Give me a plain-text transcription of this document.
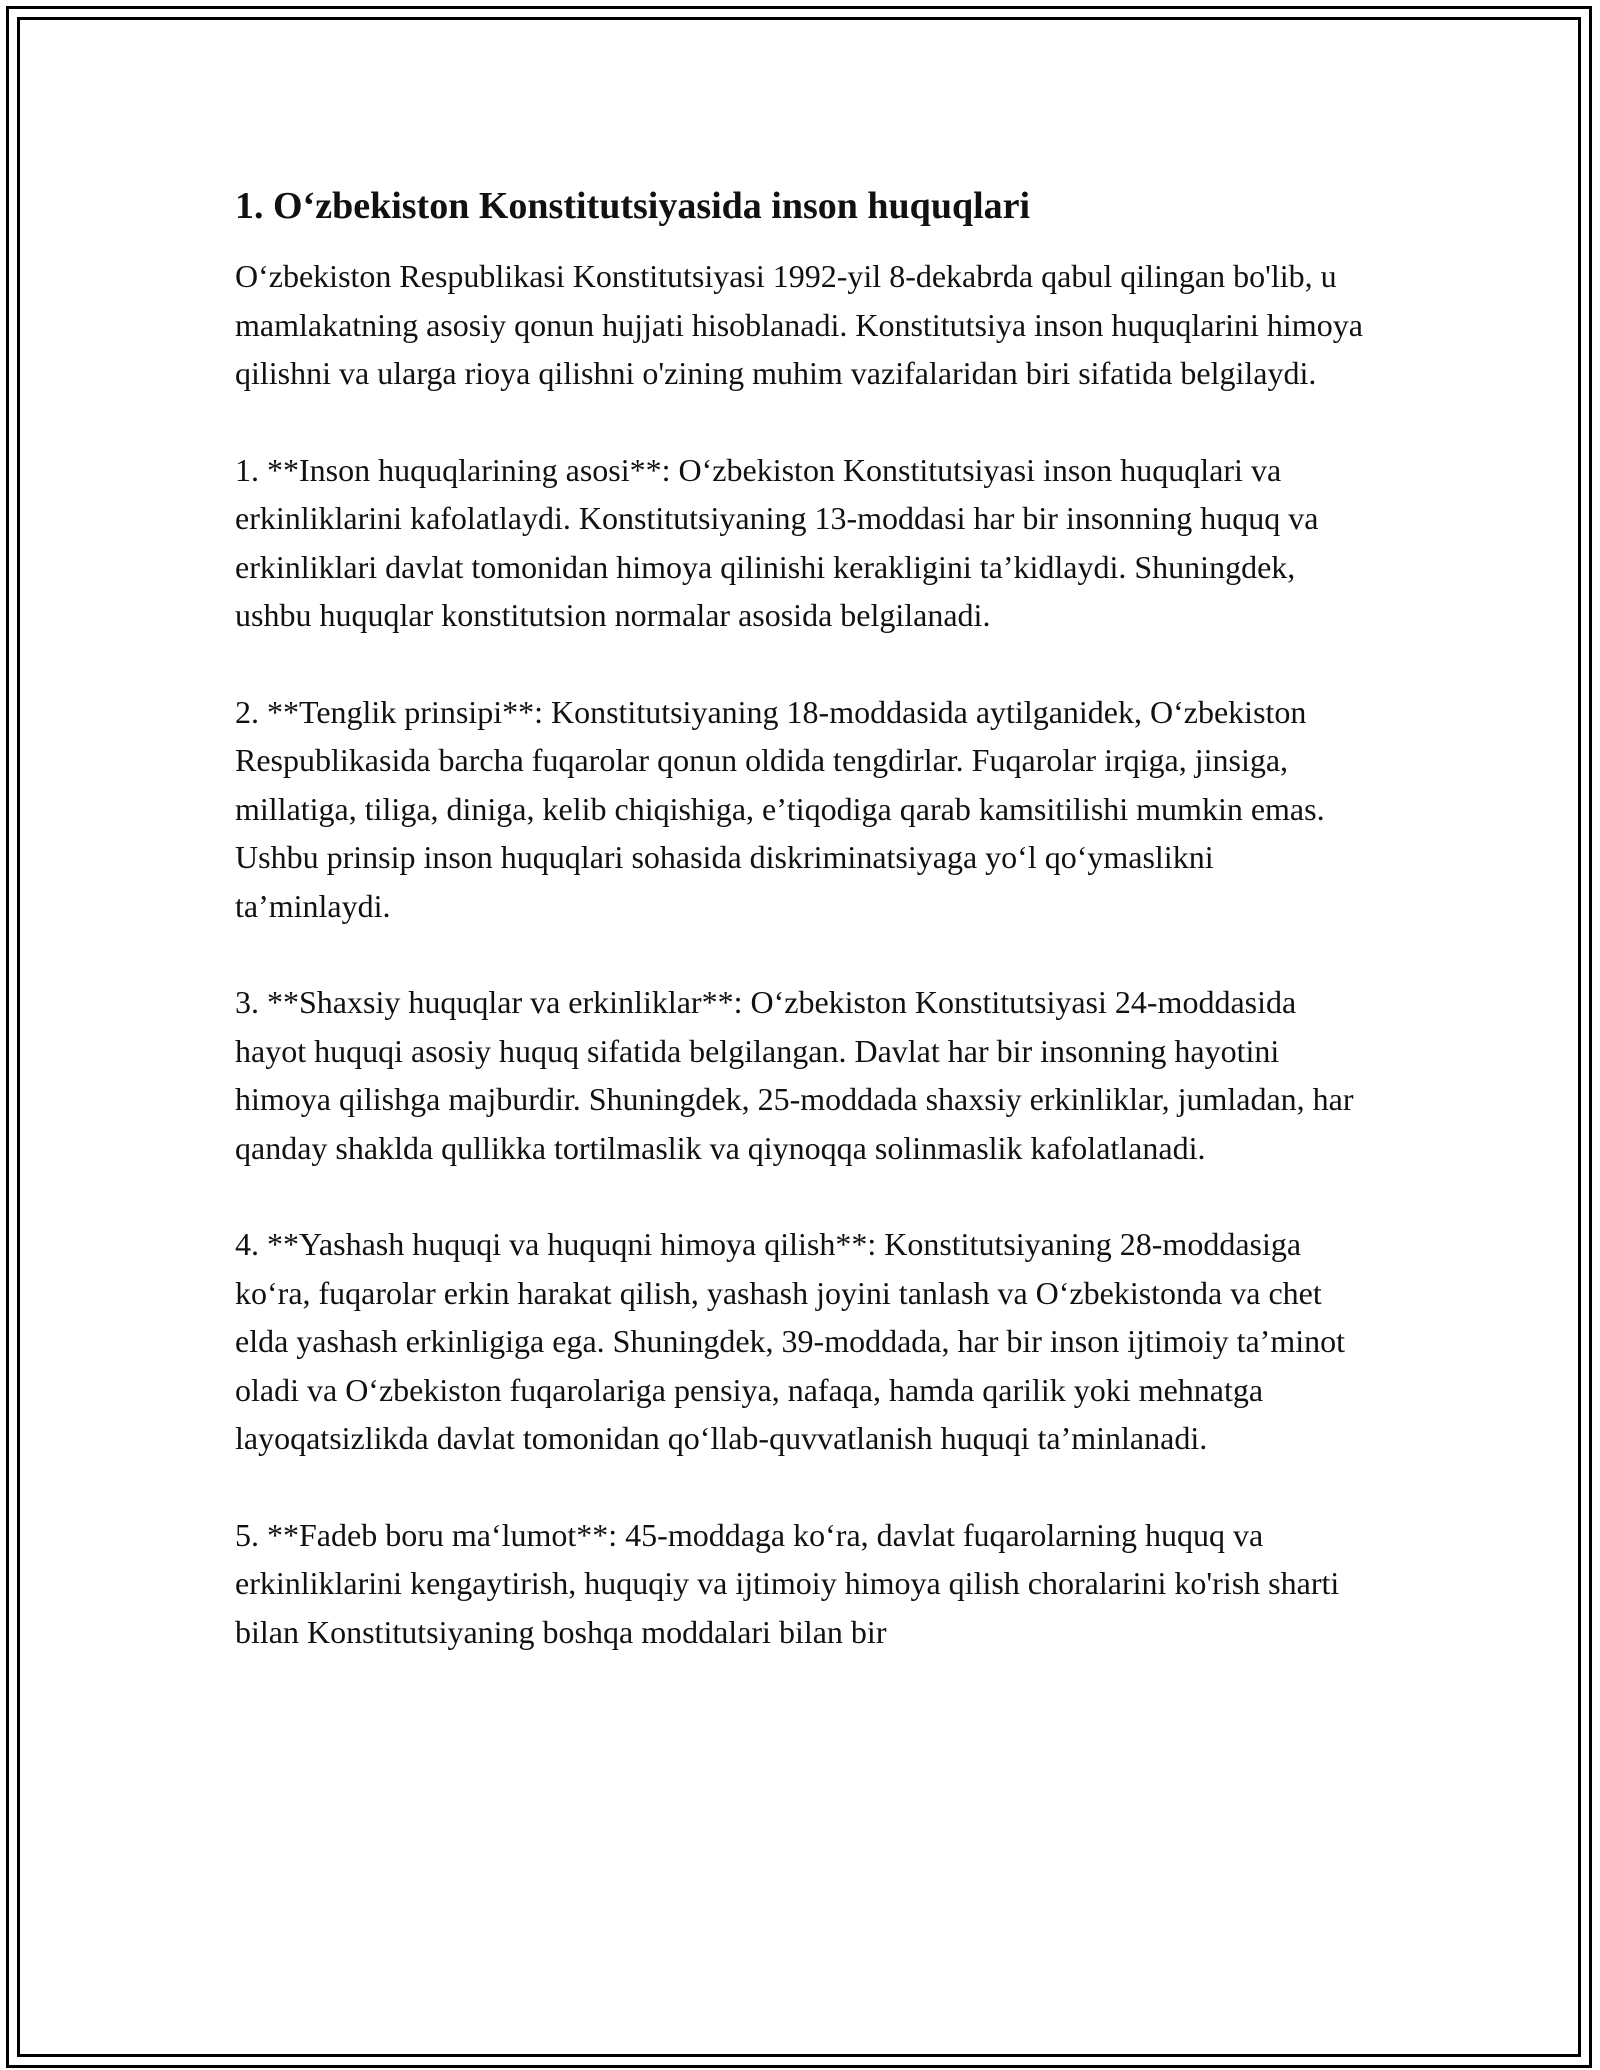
1. Oʻzbekiston Konstitutsiyasida inson huquqlari

Oʻzbekiston Respublikasi Konstitutsiyasi 1992-yil 8-dekabrda qabul qilingan bo'lib, u mamlakatning asosiy qonun hujjati hisoblanadi. Konstitutsiya inson huquqlarini himoya qilishni va ularga rioya qilishni o'zining muhim vazifalaridan biri sifatida belgilaydi.

1. **Inson huquqlarining asosi**: Oʻzbekiston Konstitutsiyasi inson huquqlari va erkinliklarini kafolatlaydi. Konstitutsiyaning 13-moddasi har bir insonning huquq va erkinliklari davlat tomonidan himoya qilinishi kerakligini taʼkidlaydi. Shuningdek, ushbu huquqlar konstitutsion normalar asosida belgilanadi.

2. **Tenglik prinsipi**: Konstitutsiyaning 18-moddasida aytilganidek, Oʻzbekiston Respublikasida barcha fuqarolar qonun oldida tengdirlar. Fuqarolar irqiga, jinsiga, millatiga, tiliga, diniga, kelib chiqishiga, eʼtiqodiga qarab kamsitilishi mumkin emas. Ushbu prinsip inson huquqlari sohasida diskriminatsiyaga yoʻl qoʻymaslikni taʼminlaydi.

3. **Shaxsiy huquqlar va erkinliklar**: Oʻzbekiston Konstitutsiyasi 24-moddasida hayot huquqi asosiy huquq sifatida belgilangan. Davlat har bir insonning hayotini himoya qilishga majburdir. Shuningdek, 25-moddada shaxsiy erkinliklar, jumladan, har qanday shaklda qullikka tortilmaslik va qiynoqqa solinmaslik kafolatlanadi.

4. **Yashash huquqi va huquqni himoya qilish**: Konstitutsiyaning 28-moddasiga koʻra, fuqarolar erkin harakat qilish, yashash joyini tanlash va Oʻzbekistonda va chet elda yashash erkinligiga ega. Shuningdek, 39-moddada, har bir inson ijtimoiy taʼminot oladi va Oʻzbekiston fuqarolariga pensiya, nafaqa, hamda qarilik yoki mehnatga layoqatsizlikda davlat tomonidan qoʻllab-quvvatlanish huquqi taʼminlanadi.

5. **Fadeb boru maʻlumot**: 45-moddaga koʻra, davlat fuqarolarning huquq va erkinliklarini kengaytirish, huquqiy va ijtimoiy himoya qilish choralarini ko'rish sharti bilan Konstitutsiyaning boshqa moddalari bilan bir
